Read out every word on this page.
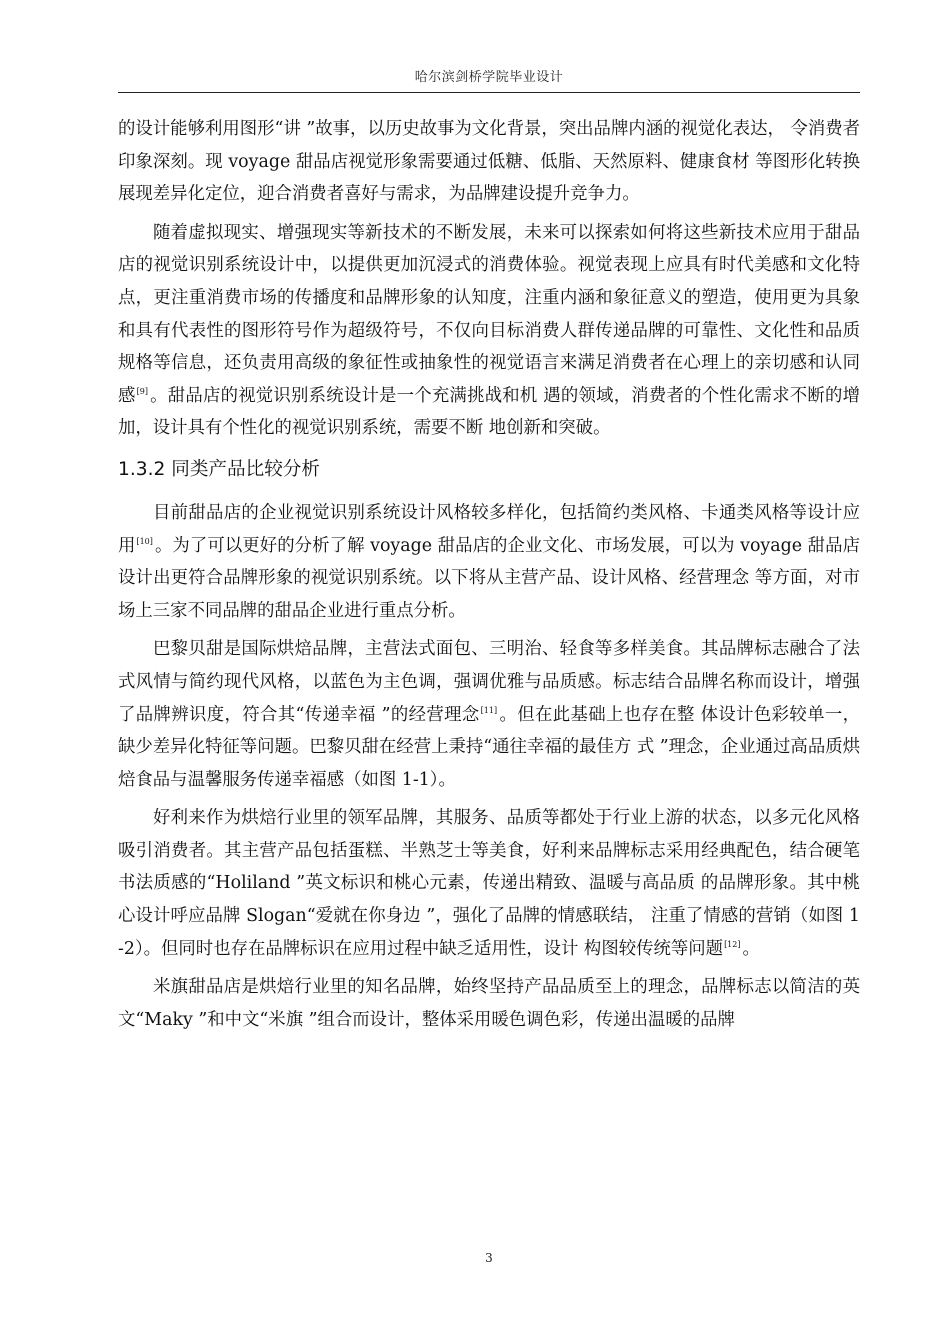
哈尔滨剑桥学院毕业设计

的设计能够利用图形“讲 ”故事，以历史故事为文化背景，突出品牌内涵的视觉化表达， 令消费者印象深刻。现 voyage 甜品店视觉形象需要通过低糖、低脂、天然原料、健康食材 等图形化转换展现差异化定位，迎合消费者喜好与需求，为品牌建设提升竞争力。

随着虚拟现实、增强现实等新技术的不断发展，未来可以探索如何将这些新技术应用于甜品店的视觉识别系统设计中，以提供更加沉浸式的消费体验。视觉表现上应具有时代美感和文化特点，更注重消费市场的传播度和品牌形象的认知度，注重内涵和象征意义的塑造，使用更为具象和具有代表性的图形符号作为超级符号，不仅向目标消费人群传递品牌的可靠性、文化性和品质规格等信息，还负责用高级的象征性或抽象性的视觉语言来满足消费者在心理上的亲切感和认同感[9] 。甜品店的视觉识别系统设计是一个充满挑战和机 遇的领域，消费者的个性化需求不断的增加，设计具有个性化的视觉识别系统，需要不断 地创新和突破。

1.3.2 同类产品比较分析

目前甜品店的企业视觉识别系统设计风格较多样化，包括简约类风格、卡通类风格等设计应用[10] 。为了可以更好的分析了解 voyage 甜品店的企业文化、市场发展，可以为 voyage 甜品店设计出更符合品牌形象的视觉识别系统。以下将从主营产品、设计风格、经营理念 等方面，对市场上三家不同品牌的甜品企业进行重点分析。

巴黎贝甜是国际烘焙品牌，主营法式面包、三明治、轻食等多样美食。其品牌标志融合了法式风情与简约现代风格，以蓝色为主色调，强调优雅与品质感。标志结合品牌名称而设计，增强了品牌辨识度，符合其“传递幸福 ”的经营理念[11] 。但在此基础上也存在整 体设计色彩较单一，缺少差异化特征等问题。巴黎贝甜在经营上秉持“通往幸福的最佳方 式 ”理念，企业通过高品质烘焙食品与温馨服务传递幸福感（如图 1-1）。

好利来作为烘焙行业里的领军品牌，其服务、品质等都处于行业上游的状态，以多元化风格吸引消费者。其主营产品包括蛋糕、半熟芝士等美食，好利来品牌标志采用经典配色，结合硬笔书法质感的“Holiland ”英文标识和桃心元素，传递出精致、温暖与高品质 的品牌形象。其中桃心设计呼应品牌 Slogan“爱就在你身边 ”，强化了品牌的情感联结， 注重了情感的营销（如图 1-2）。但同时也存在品牌标识在应用过程中缺乏适用性，设计 构图较传统等问题[12] 。

米旗甜品店是烘焙行业里的知名品牌，始终坚持产品品质至上的理念，品牌标志以简洁的英文“Maky ”和中文“米旗 ”组合而设计，整体采用暖色调色彩，传递出温暖的品牌

3
